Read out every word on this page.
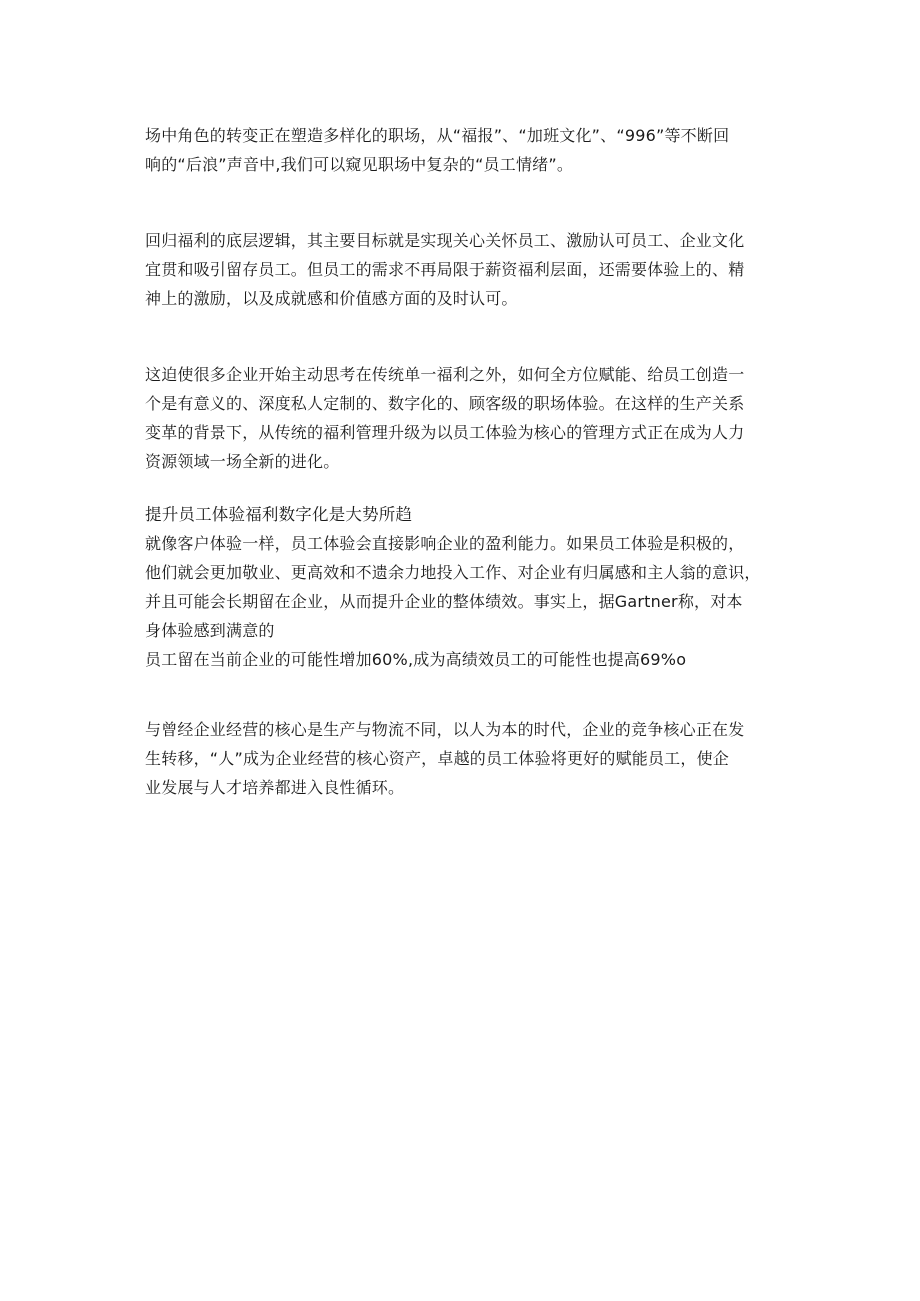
场中角色的转变正在塑造多样化的职场，从“福报”、“加班文化”、“996”等不断回
响的“后浪”声音中,我们可以窥见职场中复杂的“员工情绪”。

回归福利的底层逻辑，其主要目标就是实现关心关怀员工、激励认可员工、企业文化
宜贯和吸引留存员工。但员工的需求不再局限于薪资福利层面，还需要体验上的、精
神上的激励，以及成就感和价值感方面的及时认可。

这迫使很多企业开始主动思考在传统单一福利之外，如何全方位赋能、给员工创造一
个是有意义的、深度私人定制的、数字化的、顾客级的职场体验。在这样的生产关系
变革的背景下，从传统的福利管理升级为以员工体验为核心的管理方式正在成为人力
资源领域一场全新的进化。

提升员工体验福利数字化是大势所趋
就像客户体验一样，员工体验会直接影响企业的盈利能力。如果员工体验是积极的，
他们就会更加敬业、更高效和不遗余力地投入工作、对企业有归属感和主人翁的意识，
并且可能会长期留在企业，从而提升企业的整体绩效。事实上，据Gartner称，对本
身体验感到满意的
员工留在当前企业的可能性增加60%,成为高绩效员工的可能性也提高69%o

与曾经企业经营的核心是生产与物流不同，以人为本的时代，企业的竞争核心正在发
生转移，“人”成为企业经营的核心资产，卓越的员工体验将更好的赋能员工，使企
业发展与人才培养都进入良性循环。
